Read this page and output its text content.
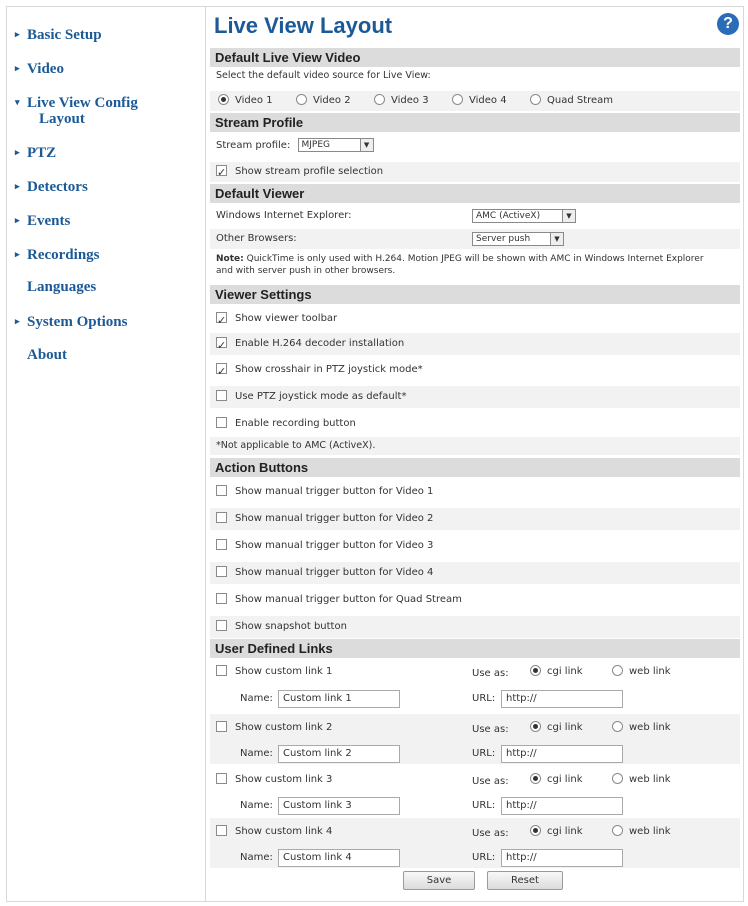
▸ Basic Setup
▸ Video
▾ Live View Config
Layout
▸ PTZ
▸ Detectors
▸ Events
▸ Recordings
Languages
▸ System Options
About
Live View Layout	?
Default Live View Video
Select the default video source for Live View:
Video 1	Video 2	Video 3	Video 4	Quad Stream
Stream Profile
Stream profile: MJPEG	▼
✓Show stream profile selection
Default Viewer
Windows Internet Explorer:	AMC (ActiveX)	▼
Other Browsers:	Server push	▼
Note: QuickTime is only used with H.264. Motion JPEG will be shown with AMC in Windows Internet Explorer and with server push in other browsers.
Viewer Settings
✓Show viewer toolbar
✓Enable H.264 decoder installation
✓Show crosshair in PTZ joystick mode*
Use PTZ joystick mode as default*
Enable recording button
*Not applicable to AMC (ActiveX).
Action Buttons
Show manual trigger button for Video 1
Show manual trigger button for Video 2
Show manual trigger button for Video 3
Show manual trigger button for Video 4
Show manual trigger button for Quad Stream
Show snapshot button
User Defined Links
Show custom link 1	Use as:	cgi link	web link
Name:	Custom link 1	URL:	http://
Show custom link 2	Use as:	cgi link	web link
Name:	Custom link 2	URL:	http://
Show custom link 3	Use as:	cgi link	web link
Name:	Custom link 3	URL:	http://
Show custom link 4	Use as:	cgi link	web link
Name:	Custom link 4	URL:	http://
Save	Reset
